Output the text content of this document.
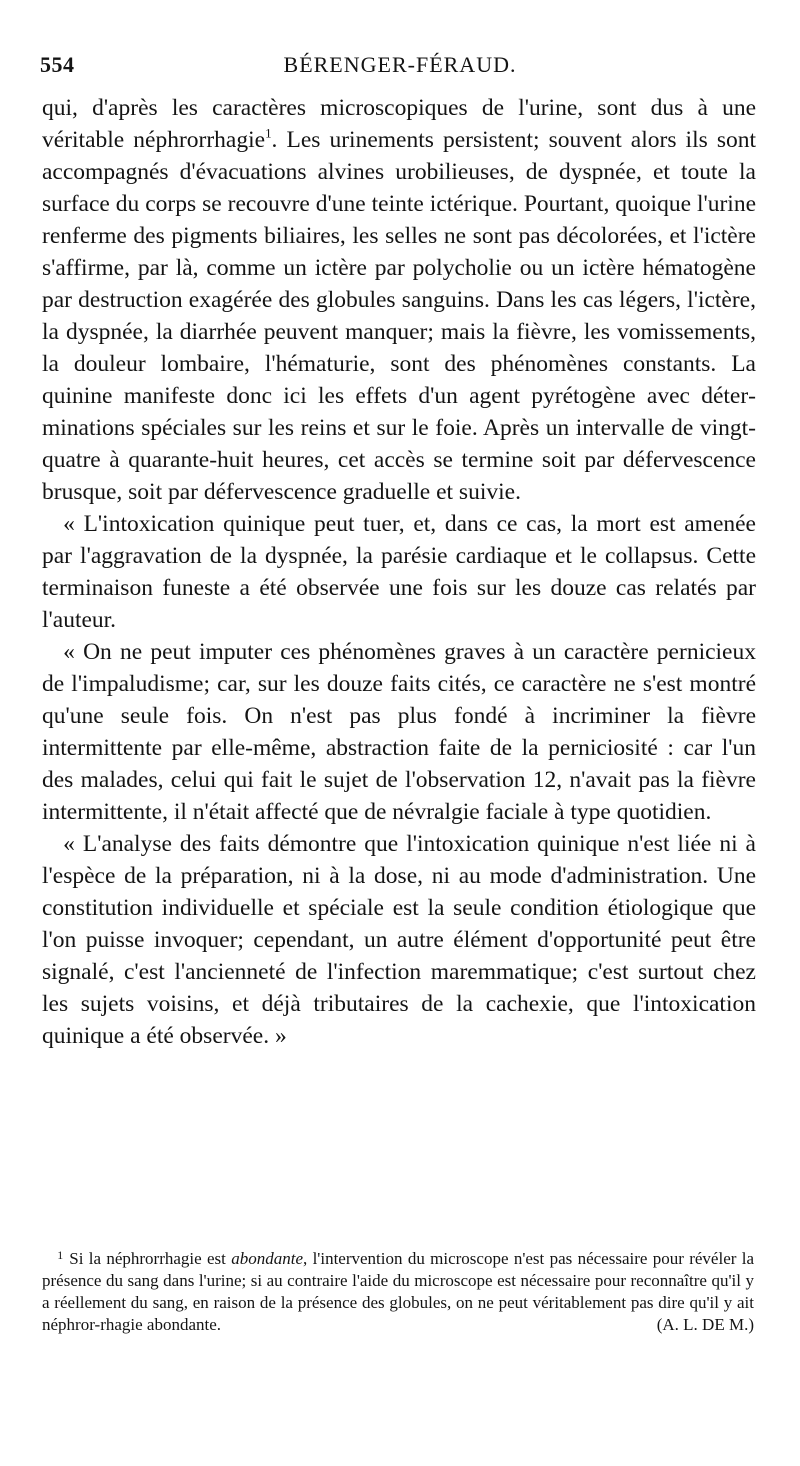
554	BÉRENGER-FÉRAUD.

qui, d'après les caractères microscopiques de l'urine, sont dus à une véritable néphrorrhagie$^1$. Les urinements persistent; souvent alors ils sont accompagnés d'évacuations alvines urobilieuses, de dyspnée, et toute la surface du corps se recouvre d'une teinte ictérique. Pourtant, quoique l'urine renferme des pigments biliaires, les selles ne sont pas décolorées, et l'ictère s'affirme, par là, comme un ictère par polycholie ou un ictère hématogène par destruction exagérée des globules sanguins. Dans les cas légers, l'ictère, la dyspnée, la diarrhée peuvent manquer; mais la fièvre, les vomissements, la douleur lombaire, l'hématurie, sont des phénomènes constants. La quinine manifeste donc ici les effets d'un agent pyrétogène avec déterminations spéciales sur les reins et sur le foie. Après un intervalle de vingt-quatre à quarante-huit heures, cet accès se termine soit par défervescence brusque, soit par défervescence graduelle et suivie.

« L'intoxication quinique peut tuer, et, dans ce cas, la mort est amenée par l'aggravation de la dyspnée, la parésie cardiaque et le collapsus. Cette terminaison funeste a été observée une fois sur les douze cas relatés par l'auteur.

« On ne peut imputer ces phénomènes graves à un caractère pernicieux de l'impaludisme; car, sur les douze faits cités, ce caractère ne s'est montré qu'une seule fois. On n'est pas plus fondé à incriminer la fièvre intermittente par elle-même, abstraction faite de la perniciosité : car l'un des malades, celui qui fait le sujet de l'observation 12, n'avait pas la fièvre intermittente, il n'était affecté que de névralgie faciale à type quotidien.

« L'analyse des faits démontre que l'intoxication quinique n'est liée ni à l'espèce de la préparation, ni à la dose, ni au mode d'administration. Une constitution individuelle et spéciale est la seule condition étiologique que l'on puisse invoquer; cependant, un autre élément d'opportunité peut être signalé, c'est l'ancienneté de l'infection maremmatique; c'est surtout chez les sujets voisins, et déjà tributaires de la cachexie, que l'intoxication quinique a été observée. »

$^1$ Si la néphrorrhagie est abondante, l'intervention du microscope n'est pas nécessaire pour révéler la présence du sang dans l'urine; si au contraire l'aide du microscope est nécessaire pour reconnaître qu'il y a réellement du sang, en raison de la présence des globules, on ne peut véritablement pas dire qu'il y ait néphror-rhagie abondante.	(A. L. DE M.)
